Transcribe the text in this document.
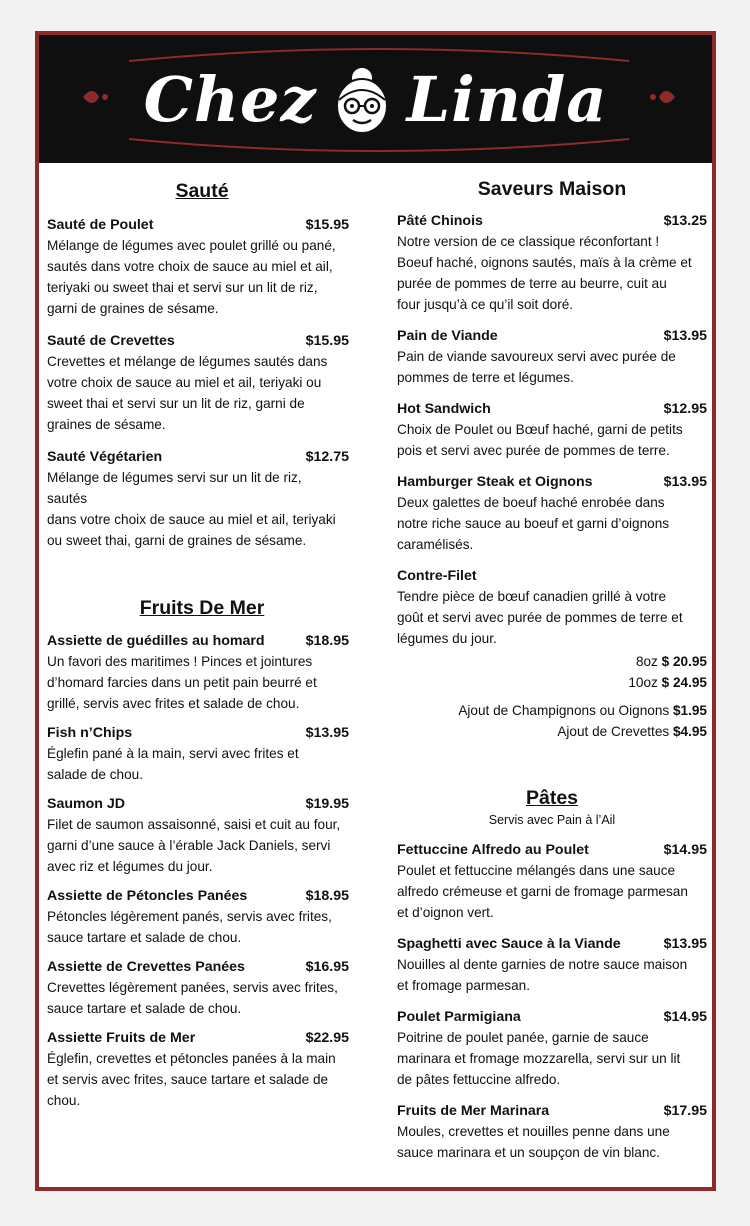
Chez Linda
Sauté
Sauté de Poulet	$15.95
Mélange de légumes avec poulet grillé ou pané,
sautés dans votre choix de sauce au miel et ail,
teriyaki ou sweet thai et servi sur un lit de riz,
garni de graines de sésame.
Sauté de Crevettes	$15.95
Crevettes et mélange de légumes sautés dans
votre choix de sauce au miel et ail, teriyaki ou
sweet thai et servi sur un lit de riz, garni de
graines de sésame.
Sauté Végétarien	$12.75
Mélange de légumes servi sur un lit de riz,
sautés
dans votre choix de sauce au miel et ail, teriyaki
ou sweet thai, garni de graines de sésame.
Fruits De Mer
Assiette de guédilles au homard	$18.95
Un favori des maritimes ! Pinces et jointures
d’homard farcies dans un petit pain beurré et
grillé, servis avec frites et salade de chou.
Fish n’Chips	$13.95
Églefin pané à la main, servi avec frites et
salade de chou.
Saumon JD	$19.95
Filet de saumon assaisonné, saisi et cuit au four,
garni d’une sauce à l’érable Jack Daniels, servi
avec riz et légumes du jour.
Assiette de Pétoncles Panées	$18.95
Pétoncles légèrement panés, servis avec frites,
sauce tartare et salade de chou.
Assiette de Crevettes Panées	$16.95
Crevettes légèrement panées, servis avec frites,
sauce tartare et salade de chou.
Assiette Fruits de Mer	$22.95
Églefin, crevettes et pétoncles panées à la main
et servis avec frites, sauce tartare et salade de
chou.
Saveurs Maison
Pâté Chinois	$13.25
Notre version de ce classique réconfortant !
Boeuf haché, oignons sautés, maïs à la crème et
purée de pommes de terre au beurre, cuit au
four jusqu’à ce qu’il soit doré.
Pain de Viande	$13.95
Pain de viande savoureux servi avec purée de
pommes de terre et légumes.
Hot Sandwich	$12.95
Choix de Poulet ou Bœuf haché, garni de petits
pois et servi avec purée de pommes de terre.
Hamburger Steak et Oignons	$13.95
Deux galettes de boeuf haché enrobée dans
notre riche sauce au boeuf et garni d’oignons
caramélisés.
Contre-Filet
Tendre pièce de bœuf canadien grillé à votre
goût et servi avec purée de pommes de terre et
légumes du jour.
8oz $ 20.95
10oz $ 24.95
Ajout de Champignons ou Oignons $1.95
Ajout de Crevettes $4.95
Pâtes
Servis avec Pain à l’Ail
Fettuccine Alfredo au Poulet	$14.95
Poulet et fettuccine mélangés dans une sauce
alfredo crémeuse et garni de fromage parmesan
et d’oignon vert.
Spaghetti avec Sauce à la Viande	$13.95
Nouilles al dente garnies de notre sauce maison
et fromage parmesan.
Poulet Parmigiana	$14.95
Poitrine de poulet panée, garnie de sauce
marinara et fromage mozzarella, servi sur un lit
de pâtes fettuccine alfredo.
Fruits de Mer Marinara	$17.95
Moules, crevettes et nouilles penne dans une
sauce marinara et un soupçon de vin blanc.
